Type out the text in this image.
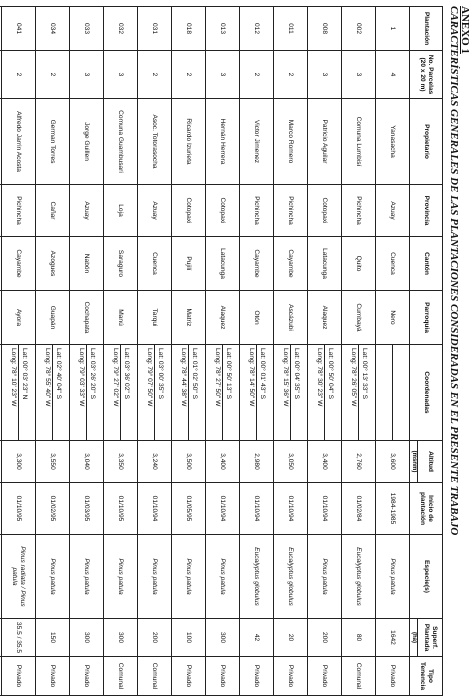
ANEXO 1
CARACTERÍSTICAS GENERALES DE LAS PLANTACIONES CONSIDERADAS EN EL PRESENTE TRABAJO
Plantación	No. Parcelas (20 x 20 m)	Propietario	Provincia	Cantón	Parroquia	Coordenadas	Altitud	Inicio de plantación	Especie(s)	Superf. Plantada	Tipo Tenencia
							(msnm)			(ha)	
1	4	Yanasacha	Azuay	Cuenca	Nero		3,600	1984-1985	Pinus patula	1642	Privado
002	3	Comuna Lumbisí	Pichincha	Quito	Cumbayá	Lat: 00° 13' 33" S
Long: 78° 26' 05" W	2,760	01/02/84	Eucalyptus globulus	80	Comunal
008	3	Patricio Aguilar	Cotopaxi	Latacunga	Alaquez	Lat: 00° 50' 04" S
Long: 78° 30' 23" W	3,400	01/10/94	Pinus patula	200	Privado
011	2	Marco Romero	Pichincha	Cayambe	Ascázubi	Lat: 00° 04' 35" S
Long: 78° 15' 36" W	3,050	01/10/94	Eucalyptus globulus	20	Privado
012	2	Victor Jimenez	Pichincha	Cayambe	Otón	Lat: 00° 01' 43" S
Long: 78° 14' 50" W	2,980	01/10/94	Eucalyptus globulus	42	Privado
013	3	Hernán Herrera	Cotopaxi	Latacunga	Alaquez	Lat: 00° 50' 13" S
Long: 78° 27' 50" W	3,400	01/10/94	Pinus patula	300	Privado
018	2	Ricardo Izurieta	Cotopaxi	Pujilí	Matriz	Lat: 01° 02' 50" S
Long: 78° 44' 38" W	3,500	01/05/95	Pinus patula	100	Privado
031	2	Asoc. Totorasocha	Azuay	Cuenca	Tarqui	Lat: 03° 00' 35" S
Long: 79° 07' 50" W	3,240	01/10/94	Pinus patula	200	Comunal
032	3	Comuna Guambusari	Loja	Saraguro	Manú	Lat: 03° 36' 02" S
Long: 79° 27' 02" W	3,350	01/10/95	Pinus patula	300	Comunal
033	3	Jorge Guillen	Azuay	Nabón	Cochapata	Lat: 03° 26' 20" S
Long: 79° 03' 33" W	3,040	01/03/95	Pinus patula	300	Privado
034	2	German Torres	Cañar	Azogues	Guapán	Lat: 02° 40' 04" S
Long: 78° 55' 40" W	3,550	01/02/95	Pinus patula	150	Privado
041	2	Alfredo Jarrin Acosta	Pichincha	Cayambe	Ayora	Lat: 00° 03' 23" N
Long: 78° 10' 23" W	3,300	01/10/95	Pinus radiata / Pinus patula	35.5 / 35.5	Privado
